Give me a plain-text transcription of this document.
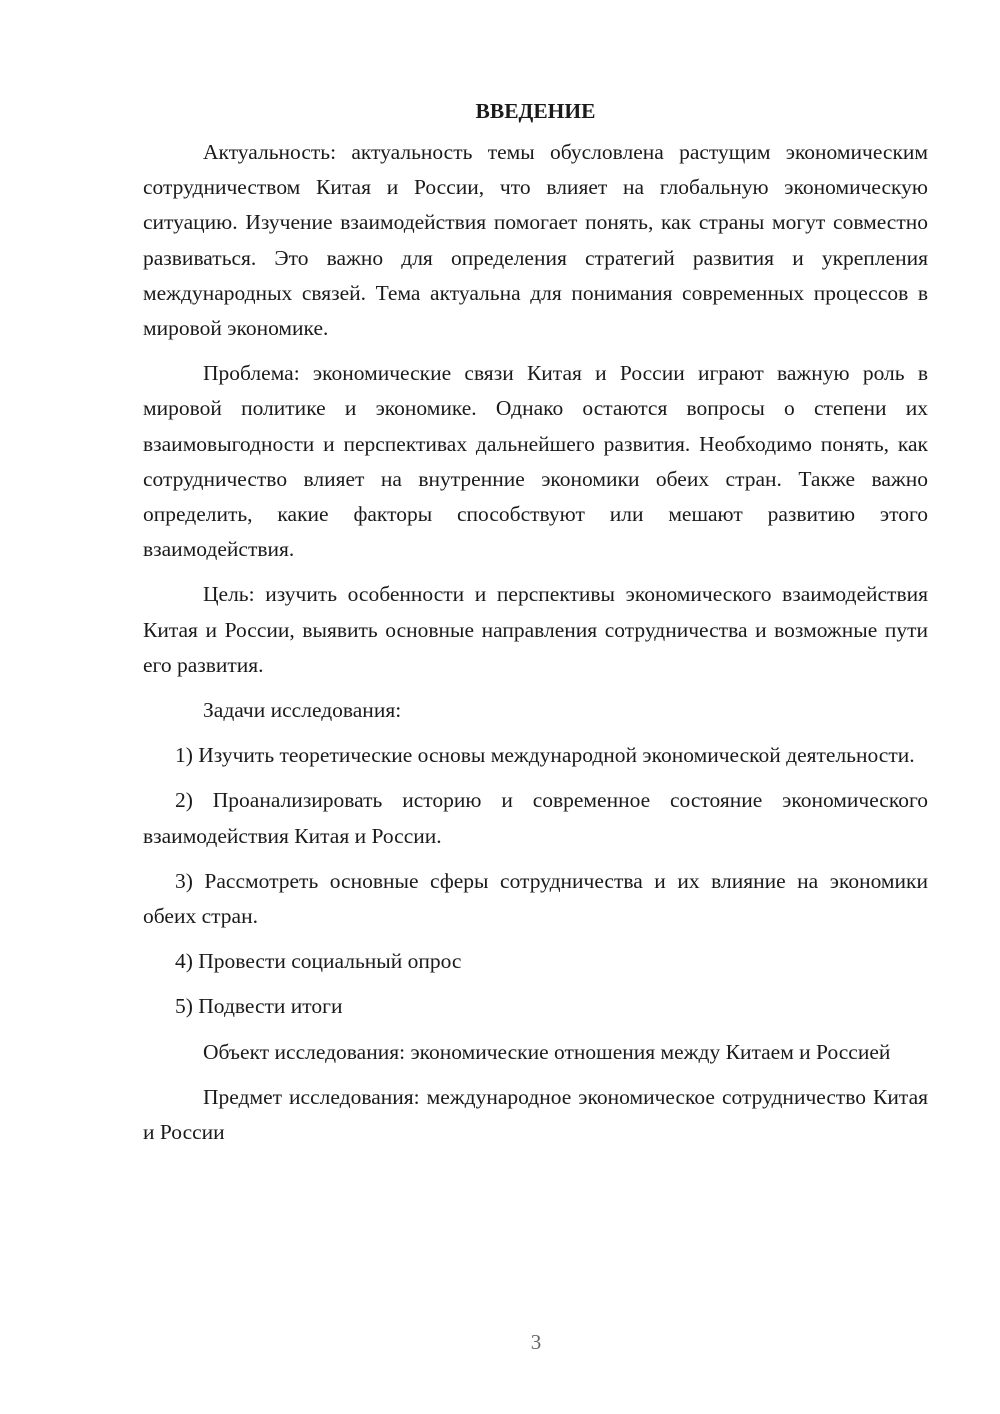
ВВЕДЕНИЕ

Актуальность: актуальность темы обусловлена растущим экономическим сотрудничеством Китая и России, что влияет на глобальную экономическую ситуацию. Изучение взаимодействия помогает понять, как страны могут совместно развиваться. Это важно для определения стратегий развития и укрепления международных связей. Тема актуальна для понимания современных процессов в мировой экономике.

Проблема: экономические связи Китая и России играют важную роль в мировой политике и экономике. Однако остаются вопросы о степени их взаимовыгодности и перспективах дальнейшего развития. Необходимо понять, как сотрудничество влияет на внутренние экономики обеих стран. Также важно определить, какие факторы способствуют или мешают развитию этого взаимодействия.

Цель: изучить особенности и перспективы экономического взаимодействия Китая и России, выявить основные направления сотрудничества и возможные пути его развития.

Задачи исследования:

1) Изучить теоретические основы международной экономической деятельности.

2) Проанализировать историю и современное состояние экономического взаимодействия Китая и России.

3) Рассмотреть основные сферы сотрудничества и их влияние на экономики обеих стран.

4) Провести социальный опрос

5) Подвести итоги

Объект исследования: экономические отношения между Китаем и Россией

Предмет исследования: международное экономическое сотрудничество Китая и России

3
